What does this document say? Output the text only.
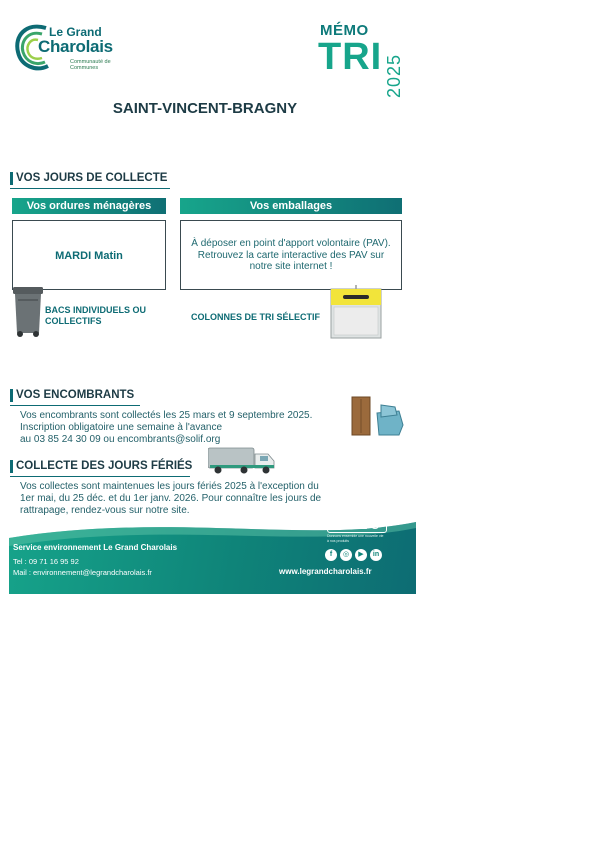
Le Grand
Charolais
Communauté de Communes
MÉMO
TRI 2025
SAINT-VINCENT-BRAGNY
VOS JOURS DE COLLECTE
Vos ordures ménagères	Vos emballages
MARDI Matin
À déposer en point d'apport volontaire (PAV). Retrouvez la carte interactive des PAV sur notre site internet !
BACS INDIVIDUELS OU COLLECTIFS	COLONNES DE TRI SÉLECTIF
VOS ENCOMBRANTS
Vos encombrants sont collectés les 25 mars et 9 septembre 2025.
Inscription obligatoire une semaine à l'avance
au 03 85 24 30 09 ou encombrants@solif.org
COLLECTE DES JOURS FÉRIÉS
Vos collectes sont maintenues les jours fériés 2025 à l'exception du
1er mai, du 25 déc. et du 1er janv. 2026. Pour connaître les jours de
rattrapage, rendez-vous sur notre site.
Service environnement Le Grand Charolais
Tel : 09 71 16 95 92
Mail : environnement@legrandcharolais.fr
CITEO
Donnons ensemble une nouvelle vie à nos produits
f	◎	▶	in
www.legrandcharolais.fr
